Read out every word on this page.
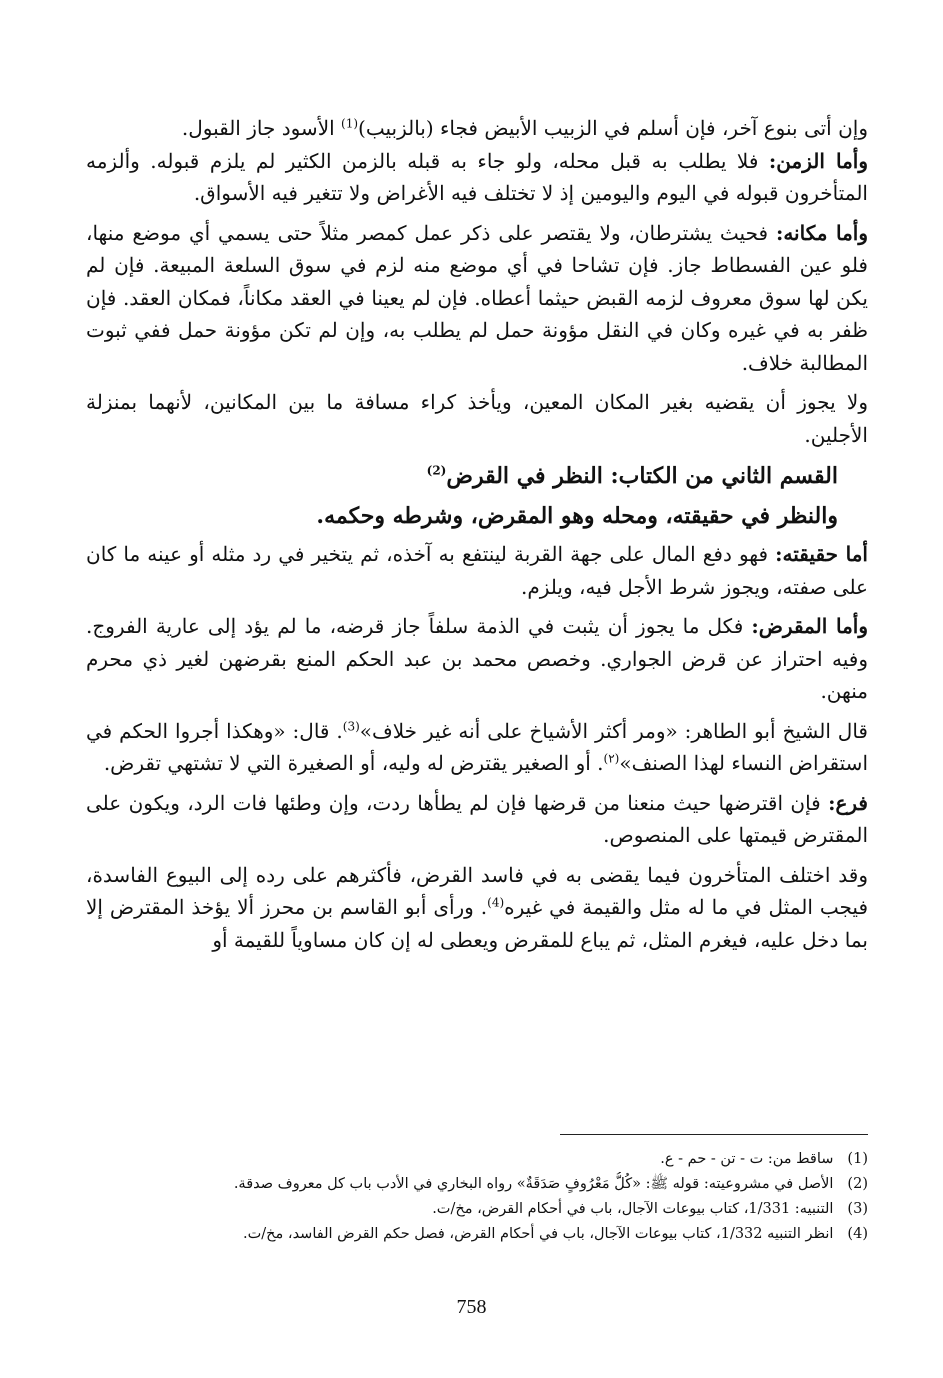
وإن أتى بنوع آخر، فإن أسلم في الزبيب الأبيض فجاء (بالزبيب)$^{(1)}$ الأسود جاز القبول.
وأما الزمن: فلا يطلب به قبل محله، ولو جاء به قبله بالزمن الكثير لم يلزم قبوله. وألزمه المتأخرون قبوله في اليوم واليومين إذ لا تختلف فيه الأغراض ولا تتغير فيه الأسواق.

وأما مكانه: فحيث يشترطان، ولا يقتصر على ذكر عمل كمصر مثلاً حتى يسمي أي موضع منها، فلو عين الفسطاط جاز. فإن تشاحا في أي موضع منه لزم في سوق السلعة المبيعة. فإن لم يكن لها سوق معروف لزمه القبض حيثما أعطاه. فإن لم يعينا في العقد مكاناً، فمكان العقد. فإن ظفر به في غيره وكان في النقل مؤونة حمل لم يطلب به، وإن لم تكن مؤونة حمل ففي ثبوت المطالبة خلاف.

ولا يجوز أن يقضيه بغير المكان المعين، ويأخذ كراء مسافة ما بين المكانين، لأنهما بمنزلة الأجلين.

القسم الثاني من الكتاب: النظر في القرض$^{(2)}$

والنظر في حقيقته، ومحله وهو المقرض، وشرطه وحكمه.

أما حقيقته: فهو دفع المال على جهة القربة لينتفع به آخذه، ثم يتخير في رد مثله أو عينه ما كان على صفته، ويجوز شرط الأجل فيه، ويلزم.

وأما المقرض: فكل ما يجوز أن يثبت في الذمة سلفاً جاز قرضه، ما لم يؤد إلى عارية الفروج. وفيه احتراز عن قرض الجواري. وخصص محمد بن عبد الحكم المنع بقرضهن لغير ذي محرم منهن.

قال الشيخ أبو الطاهر: «ومر أكثر الأشياخ على أنه غير خلاف»$^{(3)}$. قال: «وهكذا أجروا الحكم في استقراض النساء لهذا الصنف»$^{(٢)}$. أو الصغير يقترض له وليه، أو الصغيرة التي لا تشتهي تقرض.

فرع: فإن اقترضها حيث منعنا من قرضها فإن لم يطأها ردت، وإن وطئها فات الرد، ويكون على المقترض قيمتها على المنصوص.

وقد اختلف المتأخرون فيما يقضى به في فاسد القرض، فأكثرهم على رده إلى البيوع الفاسدة، فيجب المثل في ما له مثل والقيمة في غيره$^{(4)}$. ورأى أبو القاسم بن محرز ألا يؤخذ المقترض إلا بما دخل عليه، فيغرم المثل، ثم يباع للمقرض ويعطى له إن كان مساوياً للقيمة أو

(1)ساقط من: ت - تن - حم - ع.

(2)الأصل في مشروعيته: قوله ﷺ: «كُلُّ مَعْرُوفٍ صَدَقَةٌ» رواه البخاري في الأدب باب كل معروف صدقة.

(3)التنبيه: 1/331، كتاب بيوعات الآجال، باب في أحكام القرض، مخ/ت.

(4)انظر التنبيه 1/332، كتاب بيوعات الآجال، باب في أحكام القرض، فصل حكم القرض الفاسد، مخ/ت.

758
